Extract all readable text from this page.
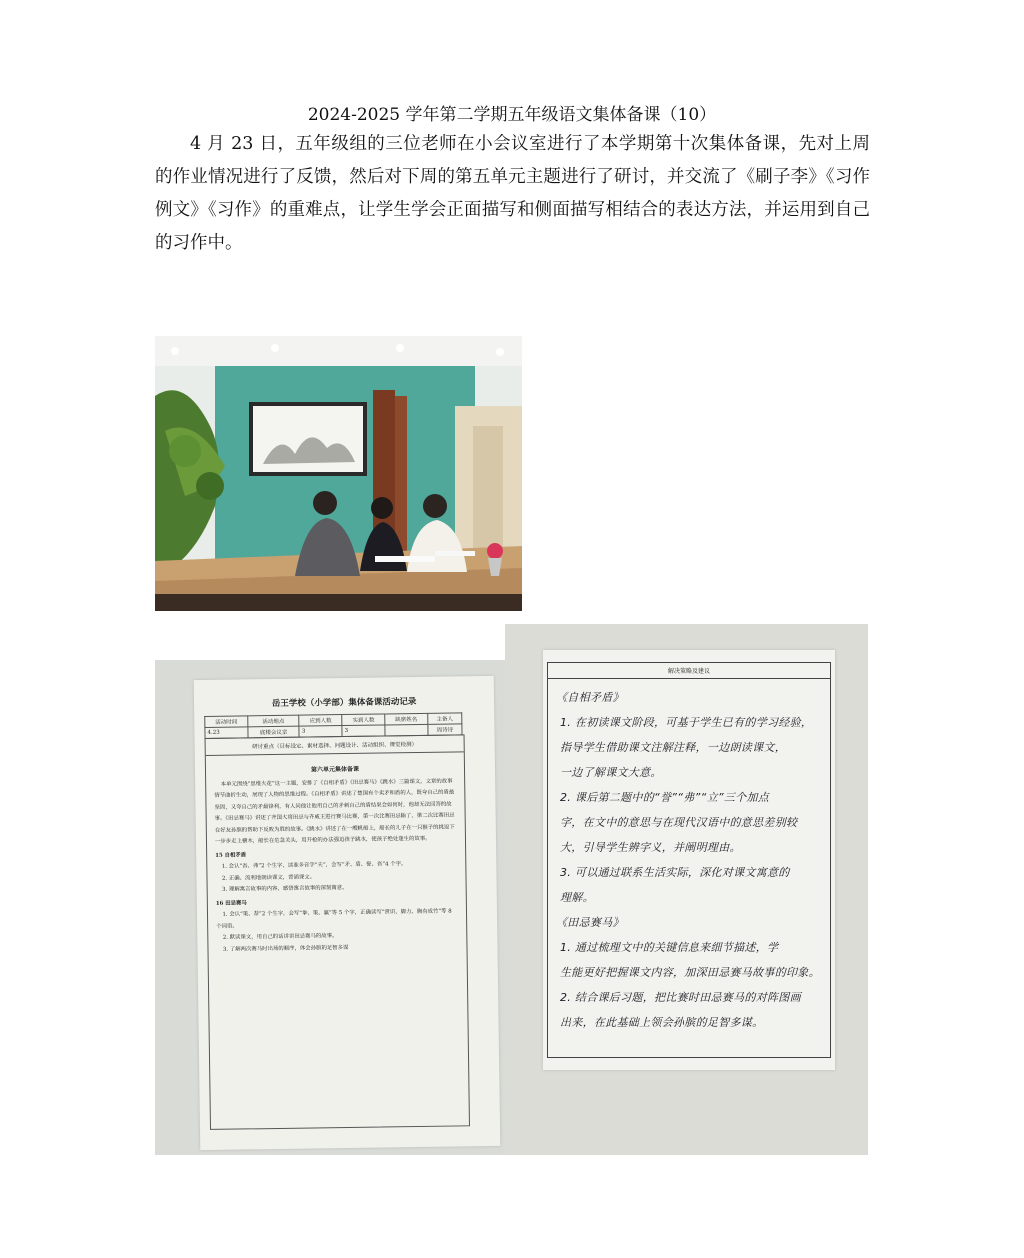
2024-2025 学年第二学期五年级语文集体备课（10）

4 月 23 日，五年级组的三位老师在小会议室进行了本学期第十次集体备课，先对上周的作业情况进行了反馈，然后对下周的第五单元主题进行了研讨，并交流了《刷子李》《习作例文》《习作》的重难点，让学生学会正面描写和侧面描写相结合的表达方法，并运用到自己的习作中。

岳王学校（小学部）集体备课活动记录
活动时间	活动地点	应到人数	实到人数	缺席姓名	主备人
4.23	底楼会议室	3	3		周诗诗
研讨重点（目标设定、素材选择、问题设计、活动组织、课堂检测）
第六单元集体备课
本单元围绕“思维火花”这一主题，安排了《自相矛盾》《田忌赛马》《跳水》三篇课文。文章的故事情节曲折生动，展现了人物的思维过程。《自相矛盾》讲述了楚国有个卖矛和盾的人，既夸自己的盾最坚固，又夸自己的矛最锋利，有人问他让他用自己的矛刺自己的盾结果会如何时，他却无法回答的故事。《田忌赛马》讲述了齐国大将田忌与齐威王进行赛马比赛，第一次比赛田忌输了，第二次比赛田忌在好友孙膑的帮助下反败为胜的故事。《跳水》讲述了在一艘帆船上，船长的儿子在一只猴子的挑逗下一步步走上横木，船长在危急关头，用开枪的办法强迫孩子跳水，使孩子绝处逢生的故事。
15 自相矛盾
1. 会认“吾、弗”2 个生字，读准多音字“夫”，会写“矛、盾、誉、吾”4 个字。
2. 正确、流利地朗读课文，背诵课文。
3. 理解寓言故事的内容，感悟寓言故事的深刻寓意。
16 田忌赛马
1. 会认“策、荐”2 个生字，会写“拳、策、赢”等 5 个字，正确读写“赏识、脚力、胸有成竹”等 8 个词语。
2. 默读课文，用自己的话讲讲田忌赛马的故事。
3. 了解两次赛马时出场的顺序，体会孙膑的足智多谋
解决策略及建议
《自相矛盾》
1. 在初读课文阶段，可基于学生已有的学习经验，
指导学生借助课文注解注释，一边朗读课文，
一边了解课文大意。
2. 课后第二题中的“誉”“弗”“立”三个加点
字，在文中的意思与在现代汉语中的意思差别较
大，引导学生辨字义，并阐明理由。
3. 可以通过联系生活实际，深化对课文寓意的
理解。
《田忌赛马》
1. 通过梳理文中的关键信息来细节描述，学
生能更好把握课文内容，加深田忌赛马故事的印象。
2. 结合课后习题，把比赛时田忌赛马的对阵图画
出来，在此基础上领会孙膑的足智多谋。
